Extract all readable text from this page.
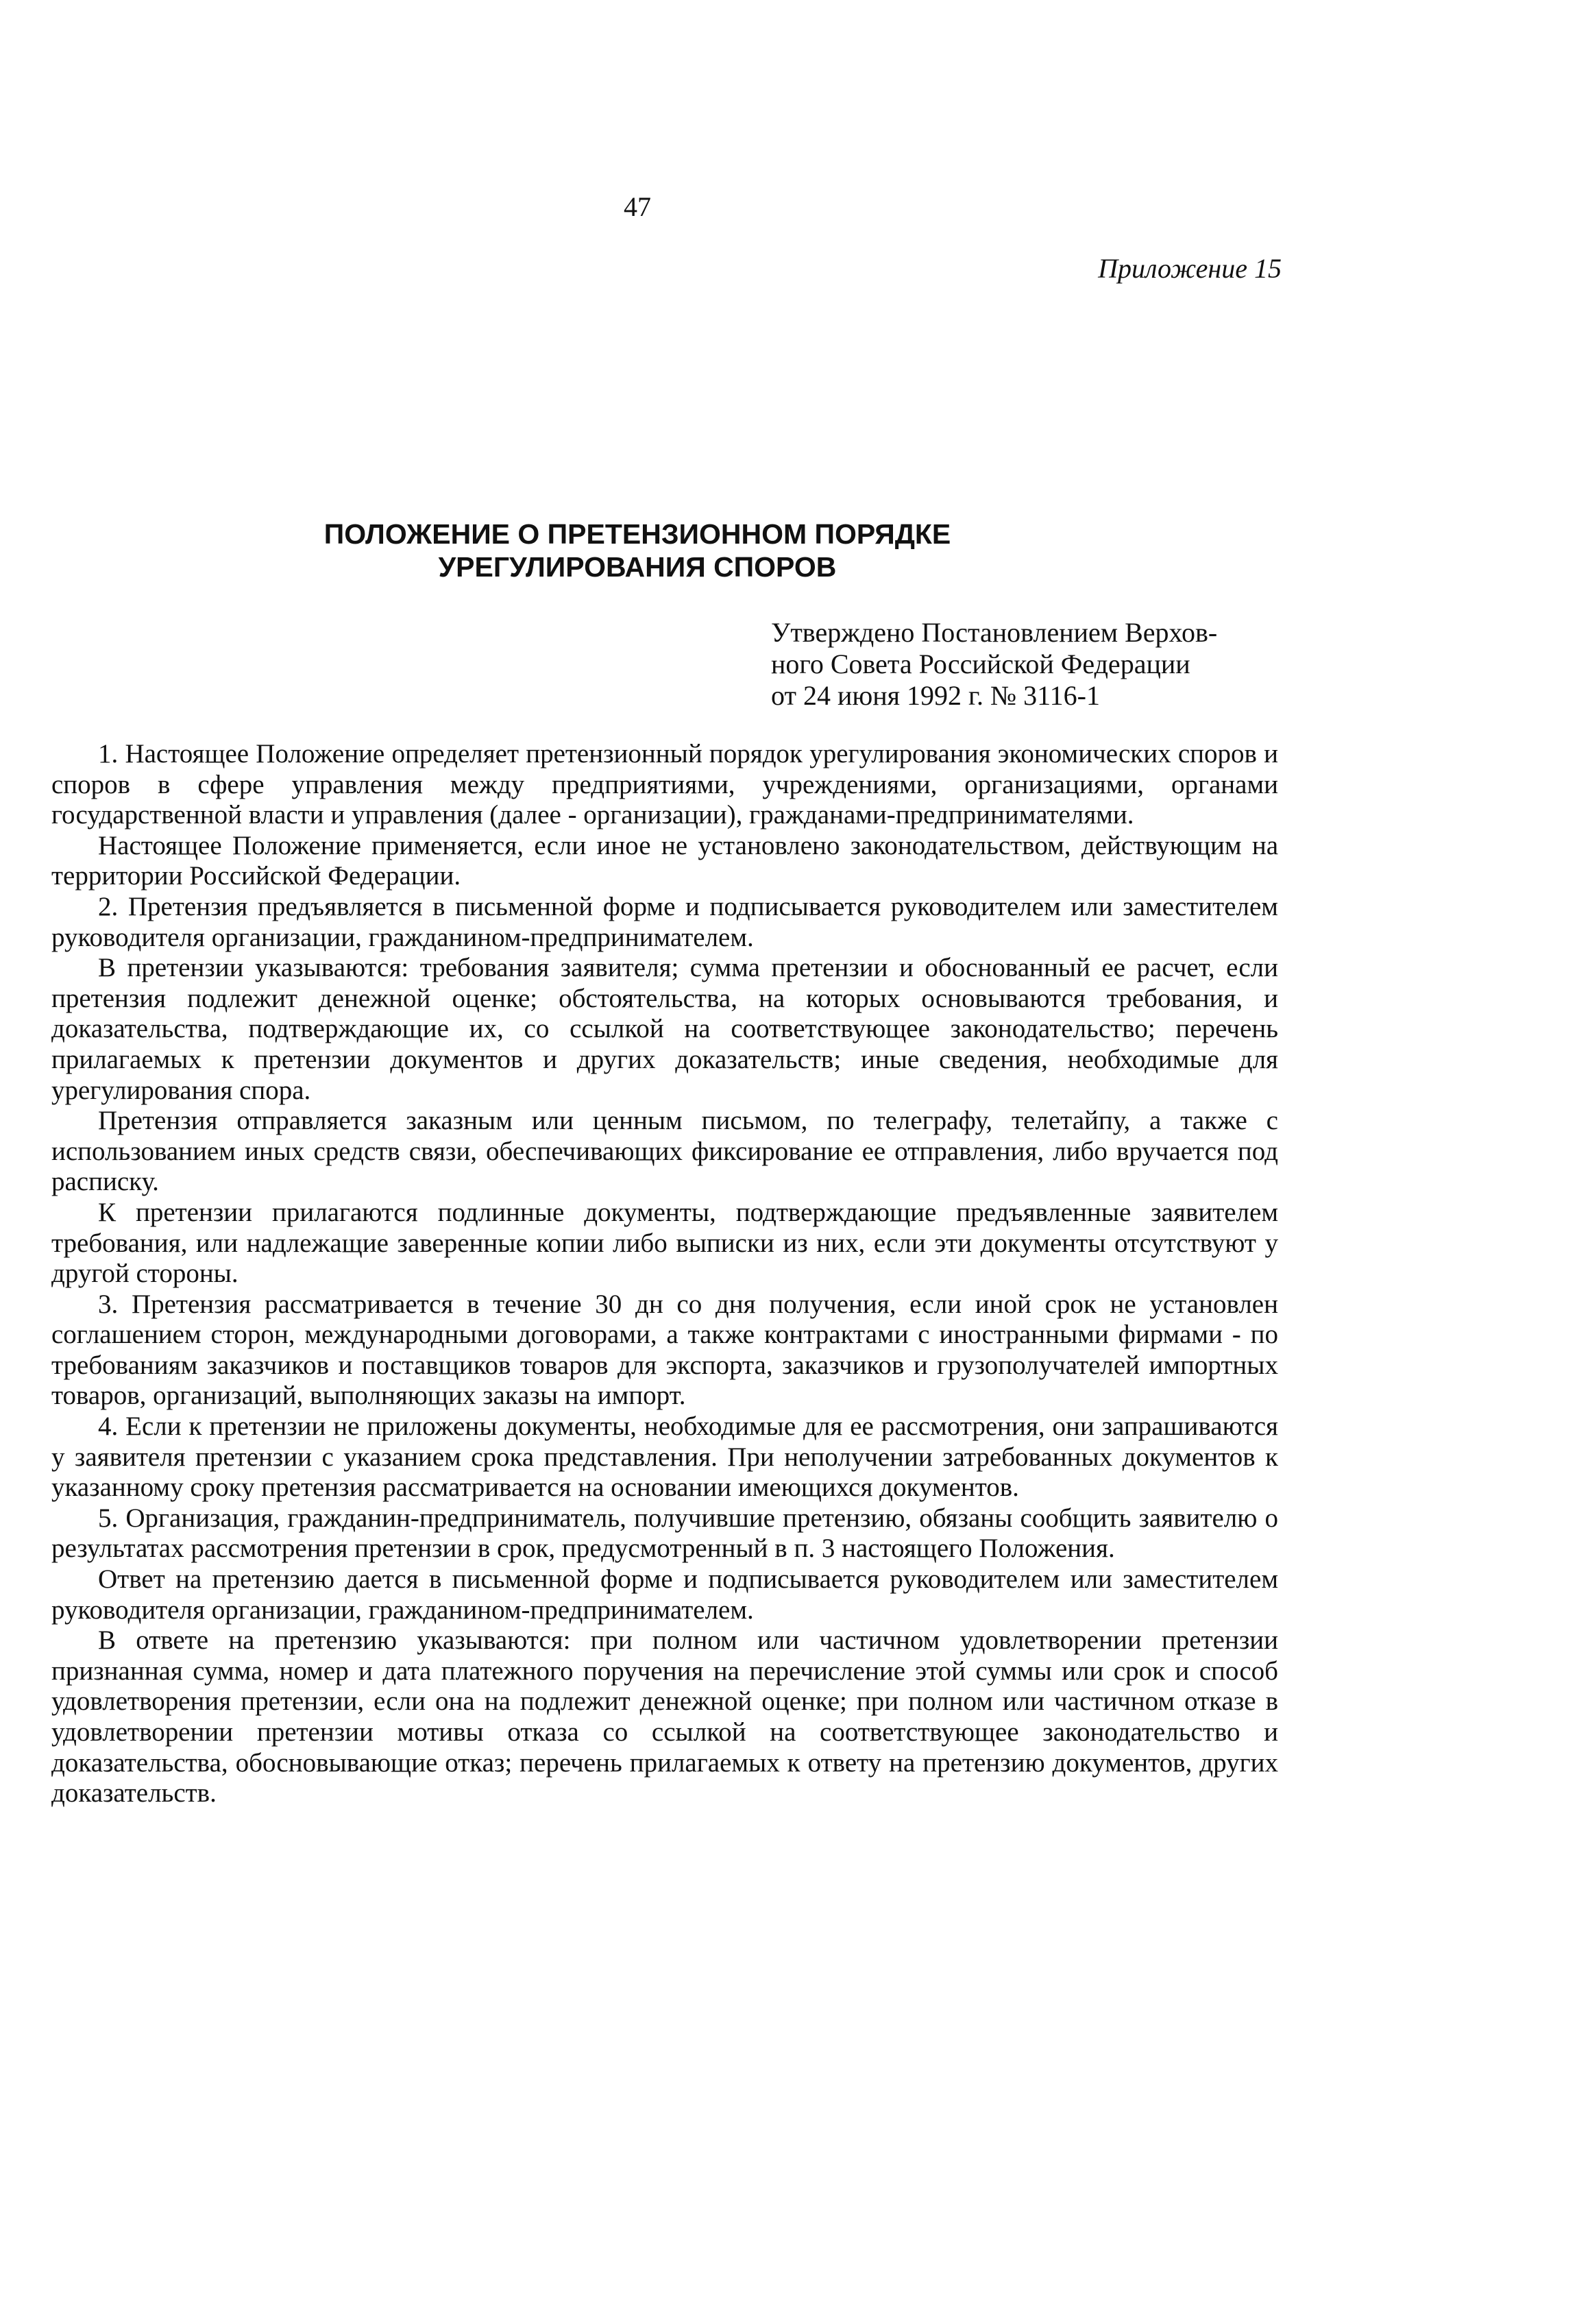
47
Приложение 15
ПОЛОЖЕНИЕ О ПРЕТЕНЗИОННОМ ПОРЯДКЕ
УРЕГУЛИРОВАНИЯ СПОРОВ
Утверждено Постановлением Верхов-
ного Совета Российской Федерации
от 24 июня 1992 г. № 3116-1

1. Настоящее Положение определяет претензионный порядок урегулирования экономических споров и споров в сфере управления между предприятиями, учреждениями, организациями, органами государственной власти и управления (далее - организации), гражданами-предпринимателями.

Настоящее Положение применяется, если иное не установлено законодательством, действующим на территории Российской Федерации.

2. Претензия предъявляется в письменной форме и подписывается руководителем или заместителем руководителя организации, гражданином-предпринимателем.

В претензии указываются: требования заявителя; сумма претензии и обоснованный ее расчет, если претензия подлежит денежной оценке; обстоятельства, на которых основываются требования, и доказательства, подтверждающие их, со ссылкой на соответствующее законодательство; перечень прилагаемых к претензии документов и других доказательств; иные сведения, необходимые для урегулирования спора.

Претензия отправляется заказным или ценным письмом, по телеграфу, телетайпу, а также с использованием иных средств связи, обеспечивающих фиксирование ее отправления, либо вручается под расписку.

К претензии прилагаются подлинные документы, подтверждающие предъявленные заявителем требования, или надлежащие заверенные копии либо выписки из них, если эти документы отсутствуют у другой стороны.

3. Претензия рассматривается в течение 30 дн со дня получения, если иной срок не установлен соглашением сторон, международными договорами, а также контрактами с иностранными фирмами - по требованиям заказчиков и поставщиков товаров для экспорта, заказчиков и грузополучателей импортных товаров, организаций, выполняющих заказы на импорт.

4. Если к претензии не приложены документы, необходимые для ее рассмотрения, они запрашиваются у заявителя претензии с указанием срока представления. При неполучении затребованных документов к указанному сроку претензия рассматривается на основании имеющихся документов.

5. Организация, гражданин-предприниматель, получившие претензию, обязаны сообщить заявителю о результатах рассмотрения претензии в срок, предусмотренный в п. 3 настоящего Положения.

Ответ на претензию дается в письменной форме и подписывается руководителем или заместителем руководителя организации, гражданином-предпринимателем.

В ответе на претензию указываются: при полном или частичном удовлетворении претензии признанная сумма, номер и дата платежного поручения на перечисление этой суммы или срок и способ удовлетворения претензии, если она на подлежит денежной оценке; при полном или частичном отказе в удовлетворении претензии мотивы отказа со ссылкой на соответствующее законодательство и доказательства, обосновывающие отказ; перечень прилагаемых к ответу на претензию документов, других доказательств.
